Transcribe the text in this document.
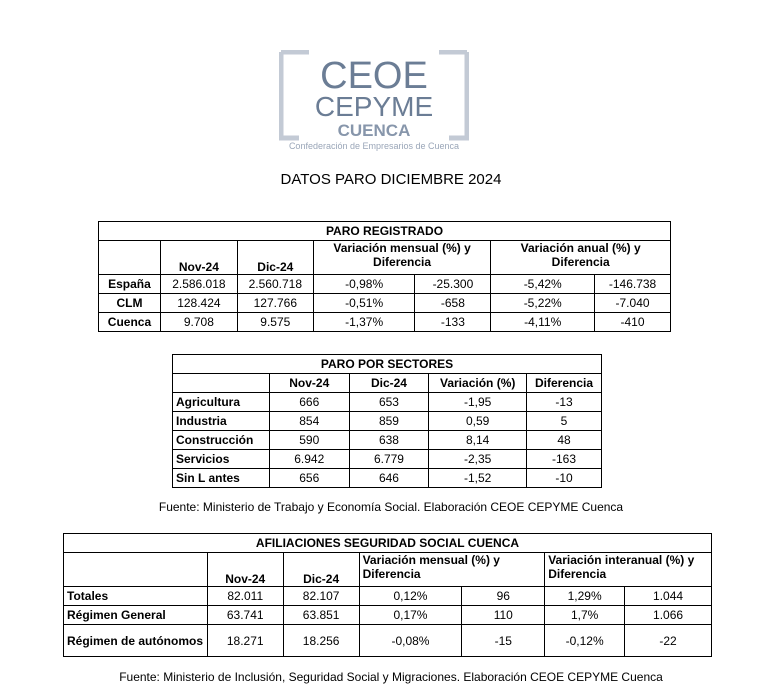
CEOE
CEPYME
CUENCA
Confederación de Empresarios de Cuenca
DATOS PARO DICIEMBRE 2024
PARO REGISTRADO						
	Nov-24	Dic-24	Variación mensual (%) y Diferencia		Variación anual (%) y Diferencia	
España	2.586.018	2.560.718	-0,98%	-25.300	-5,42%	-146.738
CLM	128.424	127.766	-0,51%	-658	-5,22%	-7.040
Cuenca	9.708	9.575	-1,37%	-133	-4,11%	-410
PARO POR SECTORES				
	Nov-24	Dic-24	Variación (%)	Diferencia
Agricultura	666	653	-1,95	-13
Industria	854	859	0,59	5
Construcción	590	638	8,14	48
Servicios	6.942	6.779	-2,35	-163
Sin L antes	656	646	-1,52	-10
Fuente: Ministerio de Trabajo y Economía Social. Elaboración CEOE CEPYME Cuenca
AFILIACIONES SEGURIDAD SOCIAL CUENCA						
	Nov-24	Dic-24	Variación mensual (%) y Diferencia		Variación interanual (%) y Diferencia	
Totales	82.011	82.107	0,12%	96	1,29%	1.044
Régimen General	63.741	63.851	0,17%	110	1,7%	1.066
Régimen de autónomos	18.271	18.256	-0,08%	-15	-0,12%	-22
Fuente: Ministerio de Inclusión, Seguridad Social y Migraciones. Elaboración CEOE CEPYME Cuenca
